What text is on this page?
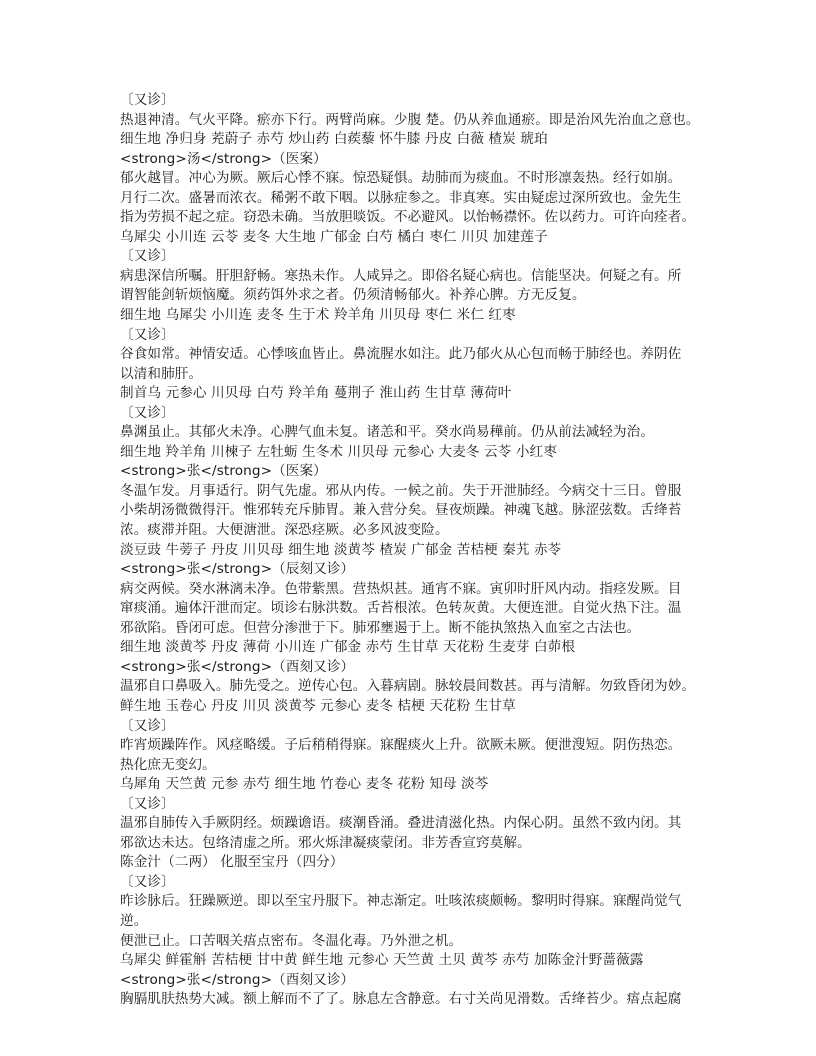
〔又诊〕
热退神清。气火平降。瘀亦下行。两臂尚麻。少腹 楚。仍从养血通瘀。即是治风先治血之意也。
细生地 净归身 茺蔚子 赤芍 炒山药 白蒺藜 怀牛膝 丹皮 白薇 楂炭 琥珀
<strong>汤</strong>（医案）
郁火越冒。冲心为厥。厥后心悸不寐。惊恐疑惧。劫肺而为痰血。不时形凛轰热。经行如崩。
月行二次。盛暑而浓衣。稀粥不敢下咽。以脉症参之。非真寒。实由疑虑过深所致也。金先生
指为劳损不起之症。窃恐未确。当放胆啖饭。不必避风。以怡畅襟怀。佐以药力。可许向痊者。
乌犀尖 小川连 云苓 麦冬 大生地 广郁金 白芍 橘白 枣仁 川贝 加建莲子
〔又诊〕
病患深信所嘱。肝胆舒畅。寒热未作。人咸异之。即俗名疑心病也。信能坚决。何疑之有。所
谓智能剑斩烦恼魔。须药饵外求之者。仍须清畅郁火。补养心脾。方无反复。
细生地 乌犀尖 小川连 麦冬 生于术 羚羊角 川贝母 枣仁 米仁 红枣
〔又诊〕
谷食如常。神情安适。心悸咳血皆止。鼻流腥水如注。此乃郁火从心包而畅于肺经也。养阴佐
以清和肺肝。
制首乌 元参心 川贝母 白芍 羚羊角 蔓荆子 淮山药 生甘草 薄荷叶
〔又诊〕
鼻渊虽止。其郁火未净。心脾气血未复。诸恙和平。癸水尚易䅿前。仍从前法减轻为治。
细生地 羚羊角 川楝子 左牡蛎 生冬术 川贝母 元参心 大麦冬 云苓 小红枣
<strong>张</strong>（医案）
冬温乍发。月事适行。阴气先虚。邪从内传。一候之前。失于开泄肺经。今病交十三日。曾服
小柴胡汤微微得汗。惟邪转充斥肺胃。兼入营分矣。昼夜烦躁。神魂飞越。脉涩弦数。舌绛苔
浓。痰滞并阻。大便溏泄。深恐痉厥。必多风波变险。
淡豆豉 牛蒡子 丹皮 川贝母 细生地 淡黄芩 楂炭 广郁金 苦桔梗 秦艽 赤苓
<strong>张</strong>（辰刻又诊）
病交两候。癸水淋漓未净。色带紫黑。营热炽甚。通宵不寐。寅卯时肝风内动。指痉发厥。目
窜痰涌。遍体汗泄而定。顷诊右脉洪数。舌苔根浓。色转灰黄。大便连泄。自觉火热下注。温
邪欲陷。昏闭可虑。但营分渗泄于下。肺邪壅遏于上。断不能执煞热入血室之古法也。
细生地 淡黄芩 丹皮 薄荷 小川连 广郁金 赤芍 生甘草 天花粉 生麦芽 白茆根
<strong>张</strong>（酉刻又诊）
温邪自口鼻吸入。肺先受之。逆传心包。入暮病剧。脉较晨间数甚。再与清解。勿致昏闭为妙。
鲜生地 玉卷心 丹皮 川贝 淡黄芩 元参心 麦冬 桔梗 天花粉 生甘草
〔又诊〕
昨宵烦躁阵作。风痉略缓。子后稍稍得寐。寐醒痰火上升。欲厥未厥。便泄溲短。阴伤热恋。
热化庶无变幻。
乌犀角 天竺黄 元参 赤芍 细生地 竹卷心 麦冬 花粉 知母 淡芩
〔又诊〕
温邪自肺传入手厥阴经。烦躁谵语。痰潮昏涌。叠进清滋化热。内保心阴。虽然不致内闭。其
邪欲达未达。包络清虚之所。邪火烁津凝痰蒙闭。非芳香宣窍莫解。
陈金汁（二两） 化服至宝丹（四分）
〔又诊〕
昨诊脉后。狂躁厥逆。即以至宝丹服下。神志渐定。吐咳浓痰颇畅。黎明时得寐。寐醒尚觉气
逆。
便泄已止。口苦咽关痦点密布。冬温化毒。乃外泄之机。
乌犀尖 鲜霍斛 苦桔梗 甘中黄 鲜生地 元参心 天竺黄 土贝 黄芩 赤芍 加陈金汁野蔷薇露
<strong>张</strong>（酉刻又诊）
胸膈肌肤热势大减。额上解而不了了。脉息左含静意。右寸关尚见滑数。舌绛苔少。痦点起腐
